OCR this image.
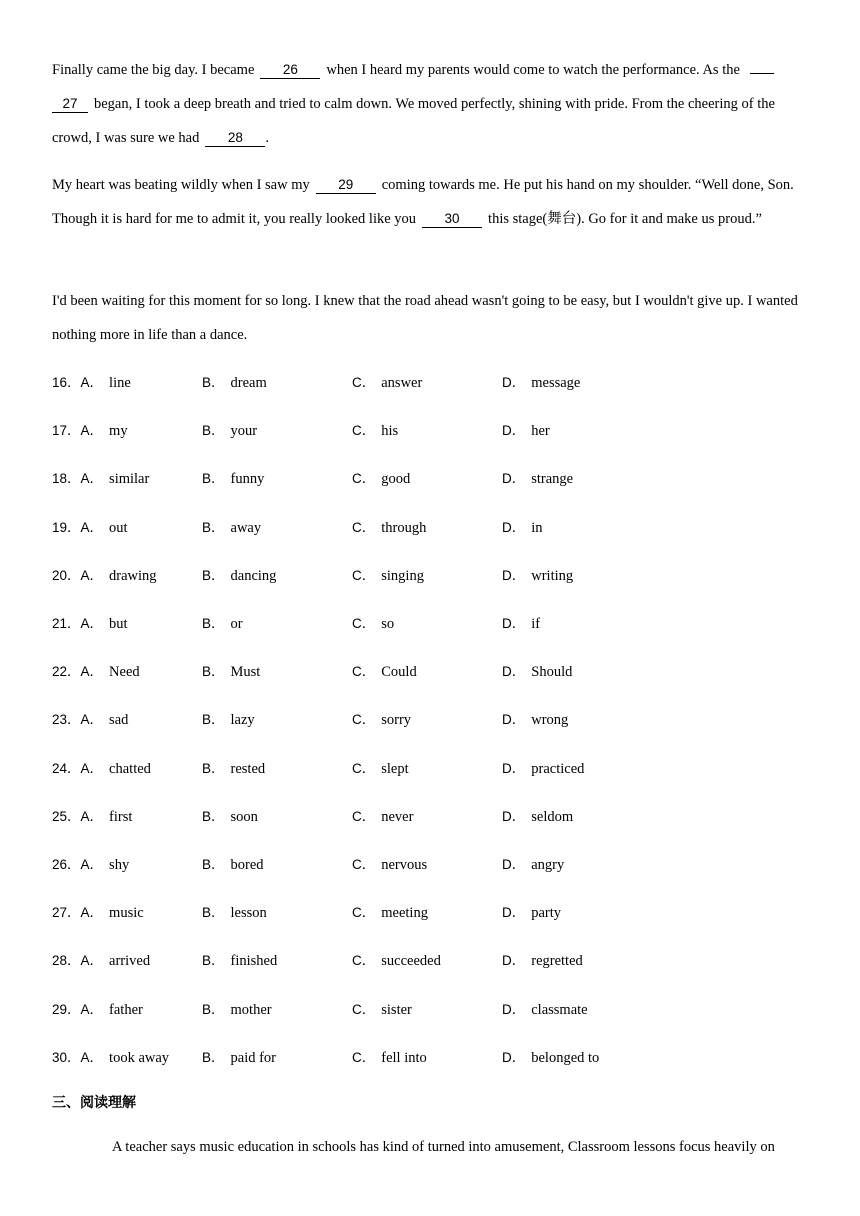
Finally came the big day. I became 26 when I heard my parents would come to watch the performance. As the
27 began, I took a deep breath and tried to calm down. We moved perfectly, shining with pride. From the cheering of the crowd, I was sure we had 28 .

My heart was beating wildly when I saw my 29 coming towards me. He put his hand on my shoulder. “Well done, Son. Though it is hard for me to admit it, you really looked like you 30 this stage(舞台). Go for it and make us proud.”

I'd been waiting for this moment for so long. I knew that the road ahead wasn't going to be easy, but I wouldn't give up. I wanted nothing more in life than a dance.

16．A． line	B． dream	C． answer	D． message
17．A． my	B． your	C． his	D． her
18．A． similar	B． funny	C． good	D． strange
19．A． out	B． away	C． through	D． in
20．A． drawing	B． dancing	C． singing	D． writing
21．A． but	B． or	C． so	D． if
22．A． Need	B． Must	C． Could	D． Should
23．A． sad	B． lazy	C． sorry	D． wrong
24．A． chatted	B． rested	C． slept	D． practiced
25．A． first	B． soon	C． never	D． seldom
26．A． shy	B． bored	C． nervous	D． angry
27．A． music	B． lesson	C． meeting	D． party
28．A． arrived	B． finished	C． succeeded	D． regretted
29．A． father	B． mother	C． sister	D． classmate
30．A． took away B． paid for	C． fell into	D． belonged to
三、阅读理解
A teacher says music education in schools has kind of turned into amusement, Classroom lessons focus heavily on
